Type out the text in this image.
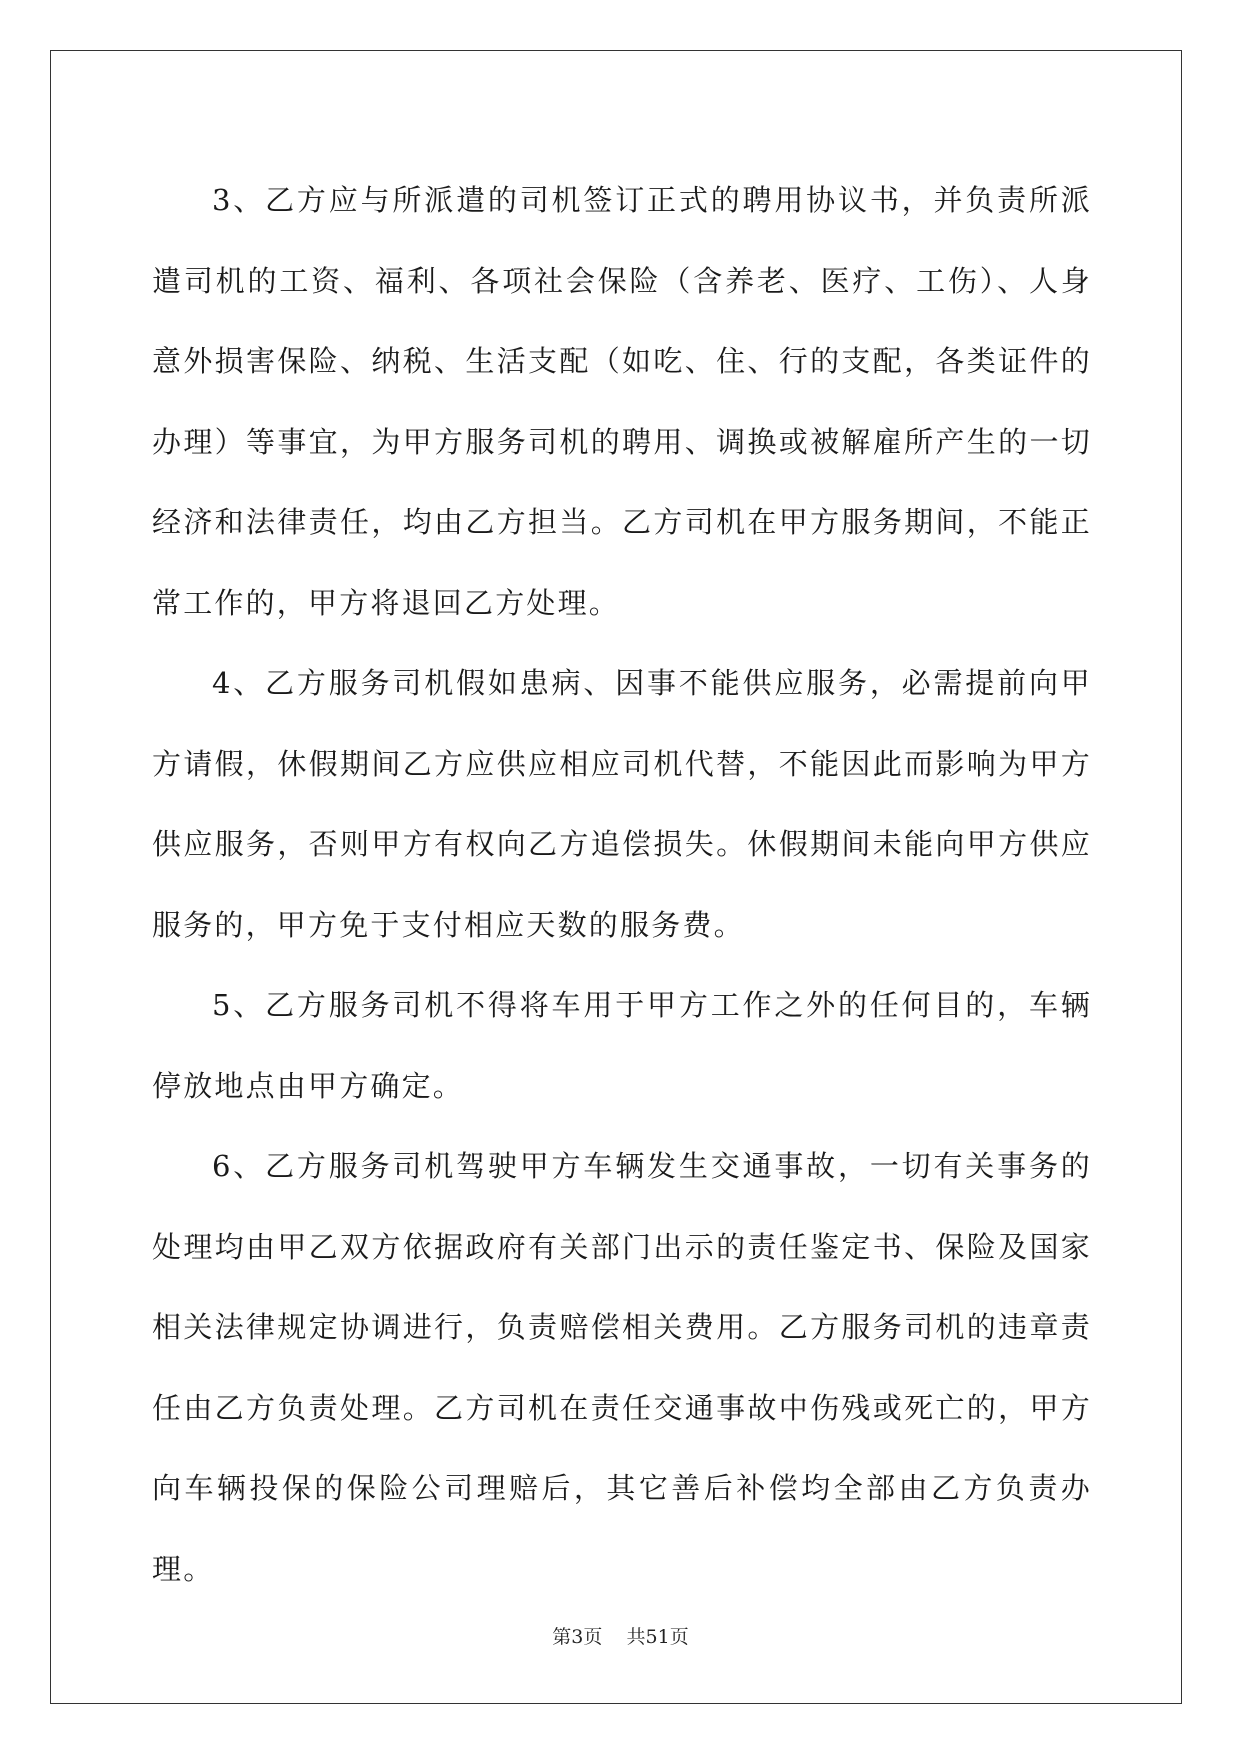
3、乙方应与所派遣的司机签订正式的聘用协议书，并负责所派遣司机的工资、福利、各项社会保险（含养老、医疗、工伤）、人身意外损害保险、纳税、生活支配（如吃、住、行的支配，各类证件的办理）等事宜，为甲方服务司机的聘用、调换或被解雇所产生的一切经济和法律责任，均由乙方担当。乙方司机在甲方服务期间，不能正常工作的，甲方将退回乙方处理。

4、乙方服务司机假如患病、因事不能供应服务，必需提前向甲方请假，休假期间乙方应供应相应司机代替，不能因此而影响为甲方供应服务，否则甲方有权向乙方追偿损失。休假期间未能向甲方供应服务的，甲方免于支付相应天数的服务费。

5、乙方服务司机不得将车用于甲方工作之外的任何目的，车辆停放地点由甲方确定。

6、乙方服务司机驾驶甲方车辆发生交通事故，一切有关事务的处理均由甲乙双方依据政府有关部门出示的责任鉴定书、保险及国家相关法律规定协调进行，负责赔偿相关费用。乙方服务司机的违章责任由乙方负责处理。乙方司机在责任交通事故中伤残或死亡的，甲方向车辆投保的保险公司理赔后，其它善后补偿均全部由乙方负责办理。

第3页 共51页
